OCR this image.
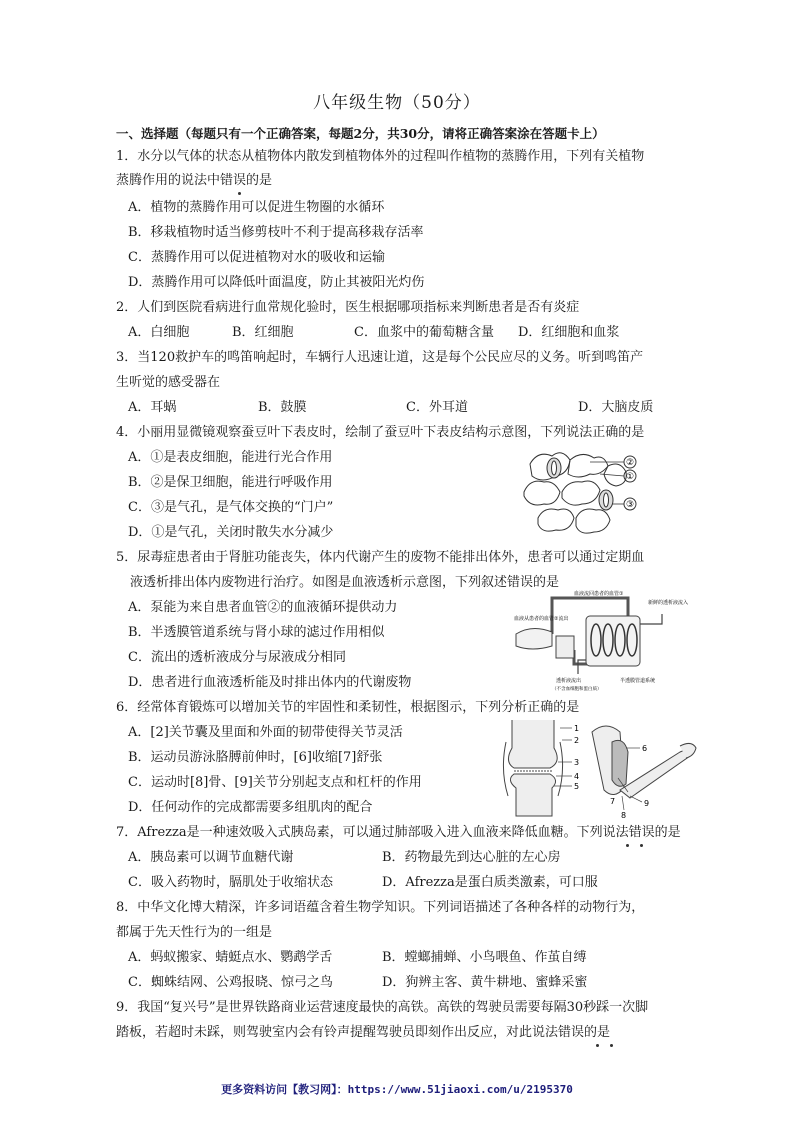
八年级生物（50分）
一、选择题（每题只有一个正确答案，每题2分，共30分，请将正确答案涂在答题卡上）
1．水分以气体的状态从植物体内散发到植物体外的过程叫作植物的蒸腾作用，下列有关植物
蒸腾作用的说法中错误的是
A．植物的蒸腾作用可以促进生物圈的水循环
B．移栽植物时适当修剪枝叶不利于提高移栽存活率
C．蒸腾作用可以促进植物对水的吸收和运输
D．蒸腾作用可以降低叶面温度，防止其被阳光灼伤
2．人们到医院看病进行血常规化验时，医生根据哪项指标来判断患者是否有炎症
A．白细胞	B．红细胞	C．血浆中的葡萄糖含量 D．红细胞和血浆
3．当120救护车的鸣笛响起时，车辆行人迅速让道，这是每个公民应尽的义务。听到鸣笛产
生听觉的感受器在
A．耳蜗	B．鼓膜	C．外耳道	D．大脑皮质
4．小丽用显微镜观察蚕豆叶下表皮时，绘制了蚕豆叶下表皮结构示意图，下列说法正确的是
A．①是表皮细胞，能进行光合作用
B．②是保卫细胞，能进行呼吸作用
C．③是气孔，是气体交换的“门户”
D．①是气孔，关闭时散失水分减少
②
①
③
5．尿毒症患者由于肾脏功能丧失，体内代谢产生的废物不能排出体外，患者可以通过定期血
液透析排出体内废物进行治疗。如图是血液透析示意图，下列叙述错误的是
A．泵能为来自患者血管②的血液循环提供动力
B．半透膜管道系统与肾小球的滤过作用相似
C．流出的透析液成分与尿液成分相同
D．患者进行血液透析能及时排出体内的代谢废物
血液流回患者的血管①
血液从患者的血管②流出
新鲜的透析液流入
透析液流出
（不含血细胞和蛋白质）
半透膜管道系统
6．经常体育锻炼可以增加关节的牢固性和柔韧性，根据图示，下列分析正确的是
A．[2]关节囊及里面和外面的韧带使得关节灵活
B．运动员游泳胳膊前伸时，[6]收缩[7]舒张
C．运动时[8]骨、[9]关节分别起支点和杠杆的作用
D．任何动作的完成都需要多组肌肉的配合
1
2
3
4
5
6
7
8
9
7．Afrezza是一种速效吸入式胰岛素，可以通过肺部吸入进入血液来降低血糖。下列说法错误的是
A．胰岛素可以调节血糖代谢	B．药物最先到达心脏的左心房
C．吸入药物时，膈肌处于收缩状态	D．Afrezza是蛋白质类激素，可口服
8．中华文化博大精深，许多词语蕴含着生物学知识。下列词语描述了各种各样的动物行为，
都属于先天性行为的一组是
A．蚂蚁搬家、蜻蜓点水、鹦鹉学舌	B．螳螂捕蝉、小鸟喂鱼、作茧自缚
C．蜘蛛结网、公鸡报晓、惊弓之鸟	D．狗辨主客、黄牛耕地、蜜蜂采蜜
9．我国“复兴号”是世界铁路商业运营速度最快的高铁。高铁的驾驶员需要每隔30秒踩一次脚
踏板，若超时未踩，则驾驶室内会有铃声提醒驾驶员即刻作出反应，对此说法错误的是
更多资料访问【教习网】：https://www.51jiaoxi.com/u/2195370
